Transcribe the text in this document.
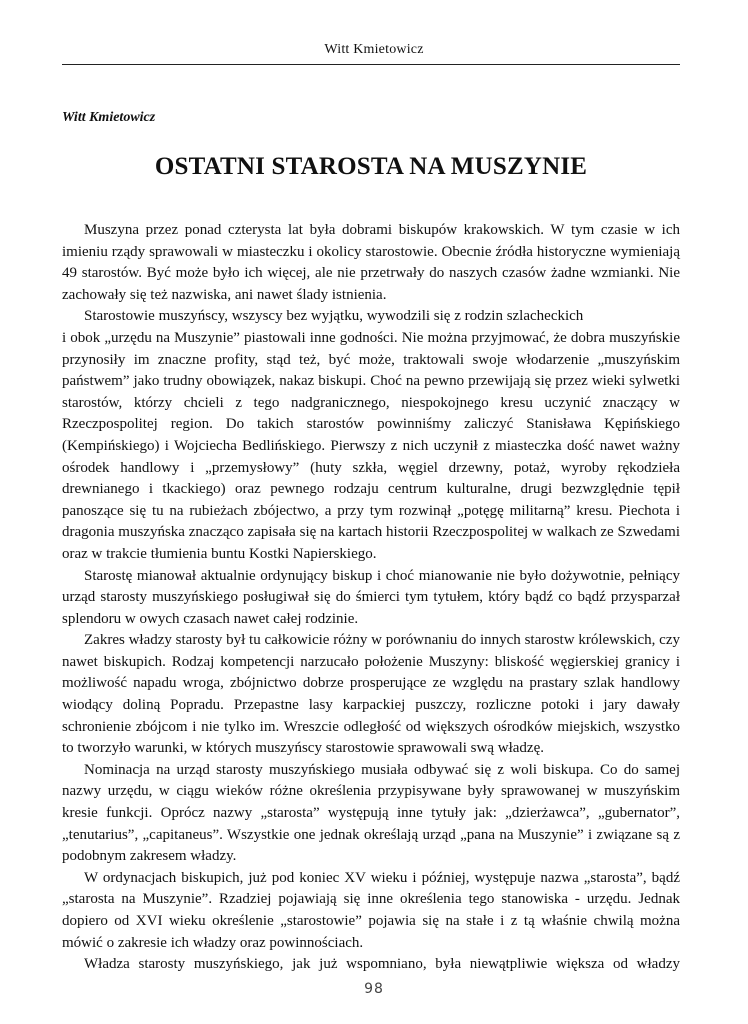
Witt Kmietowicz
Witt Kmietowicz
OSTATNI STAROSTA NA MUSZYNIE

Muszyna przez ponad czterysta lat była dobrami biskupów krakowskich. W tym czasie w ich imieniu rządy sprawowali w miasteczku i okolicy starostowie. Obecnie źródła historyczne wymieniają 49 starostów. Być może było ich więcej, ale nie przetrwały do naszych czasów żadne wzmianki. Nie zachowały się też nazwiska, ani nawet ślady istnienia.

Starostowie muszyńscy, wszyscy bez wyjątku, wywodzili się z rodzin szlacheckich

i obok „urzędu na Muszynie” piastowali inne godności. Nie można przyjmować, że dobra muszyńskie przynosiły im znaczne profity, stąd też, być może, traktowali swoje włodarzenie „muszyńskim państwem” jako trudny obowiązek, nakaz biskupi. Choć na pewno przewijają się przez wieki sylwetki starostów, którzy chcieli z tego nadgranicznego, niespokojnego kresu uczynić znaczący w Rzeczpospolitej region. Do takich starostów powinniśmy zaliczyć Stanisława Kępińskiego (Kempińskiego) i Wojciecha Bedlińskiego. Pierwszy z nich uczynił z miasteczka dość nawet ważny ośrodek handlowy i „przemysłowy” (huty szkła, węgiel drzewny, potaż, wyroby rękodzieła drewnianego i tkackiego) oraz pewnego rodzaju centrum kulturalne, drugi bezwzględnie tępił panoszące się tu na rubieżach zbójectwo, a przy tym rozwinął „potęgę militarną” kresu. Piechota i dragonia muszyńska znacząco zapisała się na kartach historii Rzeczpospolitej w walkach ze Szwedami oraz w trakcie tłumienia buntu Kostki Napierskiego.

Starostę mianował aktualnie ordynujący biskup i choć mianowanie nie było dożywotnie, pełniący urząd starosty muszyńskiego posługiwał się do śmierci tym tytułem, który bądź co bądź przysparzał splendoru w owych czasach nawet całej rodzinie.

Zakres władzy starosty był tu całkowicie różny w porównaniu do innych starostw królewskich, czy nawet biskupich. Rodzaj kompetencji narzucało położenie Muszyny: bliskość węgierskiej granicy i możliwość napadu wroga, zbójnictwo dobrze prosperujące ze względu na prastary szlak handlowy wiodący doliną Popradu. Przepastne lasy karpackiej puszczy, rozliczne potoki i jary dawały schronienie zbójcom i nie tylko im. Wreszcie odległość od większych ośrodków miejskich, wszystko to tworzyło warunki, w których muszyńscy starostowie sprawowali swą władzę.

Nominacja na urząd starosty muszyńskiego musiała odbywać się z woli biskupa. Co do samej nazwy urzędu, w ciągu wieków różne określenia przypisywane były sprawowanej w muszyńskim kresie funkcji. Oprócz nazwy „starosta” występują inne tytuły jak: „dzierżawca”, „gubernator”, „tenutarius”, „capitaneus”. Wszystkie one jednak określają urząd „pana na Muszynie” i związane są z podobnym zakresem władzy.

W ordynacjach biskupich, już pod koniec XV wieku i później, występuje nazwa „starosta”, bądź „starosta na Muszynie”. Rzadziej pojawiają się inne określenia tego stanowiska - urzędu. Jednak dopiero od XVI wieku określenie „starostowie” pojawia się na stałe i z tą właśnie chwilą można mówić o zakresie ich władzy oraz powinnościach.

Władza starosty muszyńskiego, jak już wspomniano, była niewątpliwie większa od władzy

98
